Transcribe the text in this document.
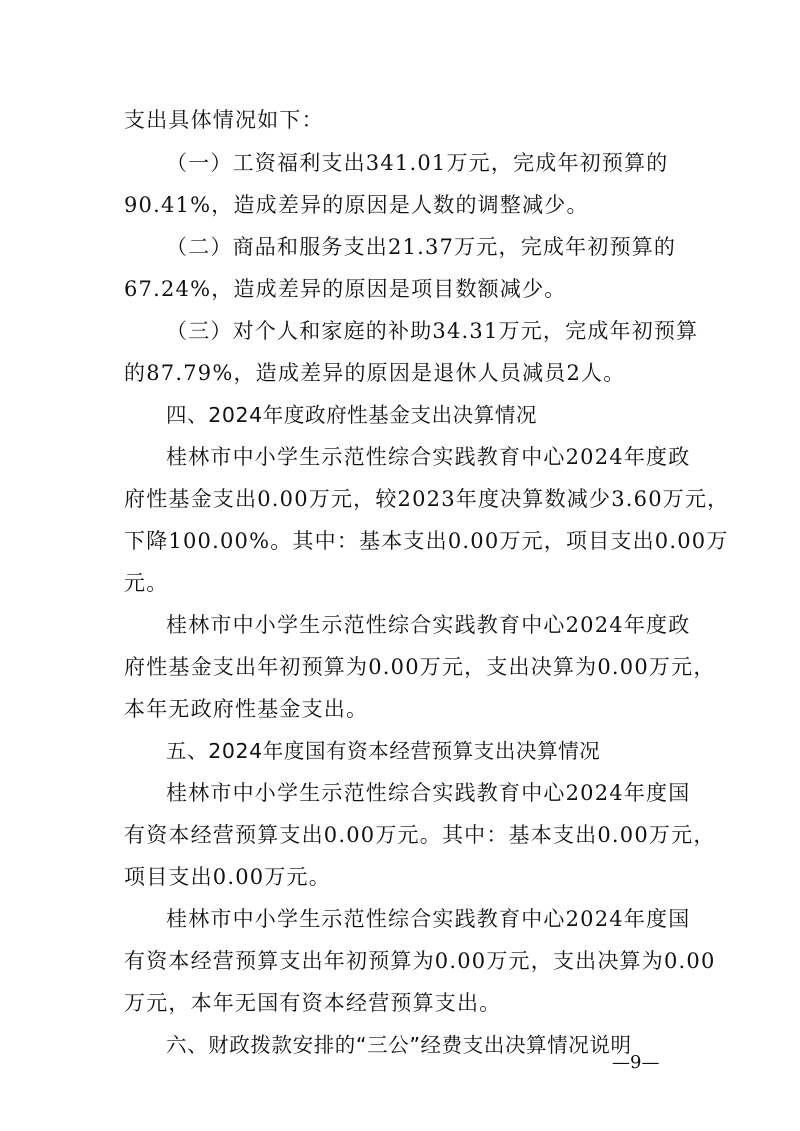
支出具体情况如下：
（一）工资福利支出341.01万元，完成年初预算的
90.41%，造成差异的原因是人数的调整减少。
（二）商品和服务支出21.37万元，完成年初预算的
67.24%，造成差异的原因是项目数额减少。
（三）对个人和家庭的补助34.31万元，完成年初预算
的87.79%，造成差异的原因是退休人员减员2人。
四、2024年度政府性基金支出决算情况
桂林市中小学生示范性综合实践教育中心2024年度政
府性基金支出0.00万元，较2023年度决算数减少3.60万元，
下降100.00%。其中：基本支出0.00万元，项目支出0.00万
元。
桂林市中小学生示范性综合实践教育中心2024年度政
府性基金支出年初预算为0.00万元，支出决算为0.00万元，
本年无政府性基金支出。
五、2024年度国有资本经营预算支出决算情况
桂林市中小学生示范性综合实践教育中心2024年度国
有资本经营预算支出0.00万元。其中：基本支出0.00万元，
项目支出0.00万元。
桂林市中小学生示范性综合实践教育中心2024年度国
有资本经营预算支出年初预算为0.00万元，支出决算为0.00
万元，本年无国有资本经营预算支出。
六、财政拨款安排的“三公”经费支出决算情况说明
—9—
